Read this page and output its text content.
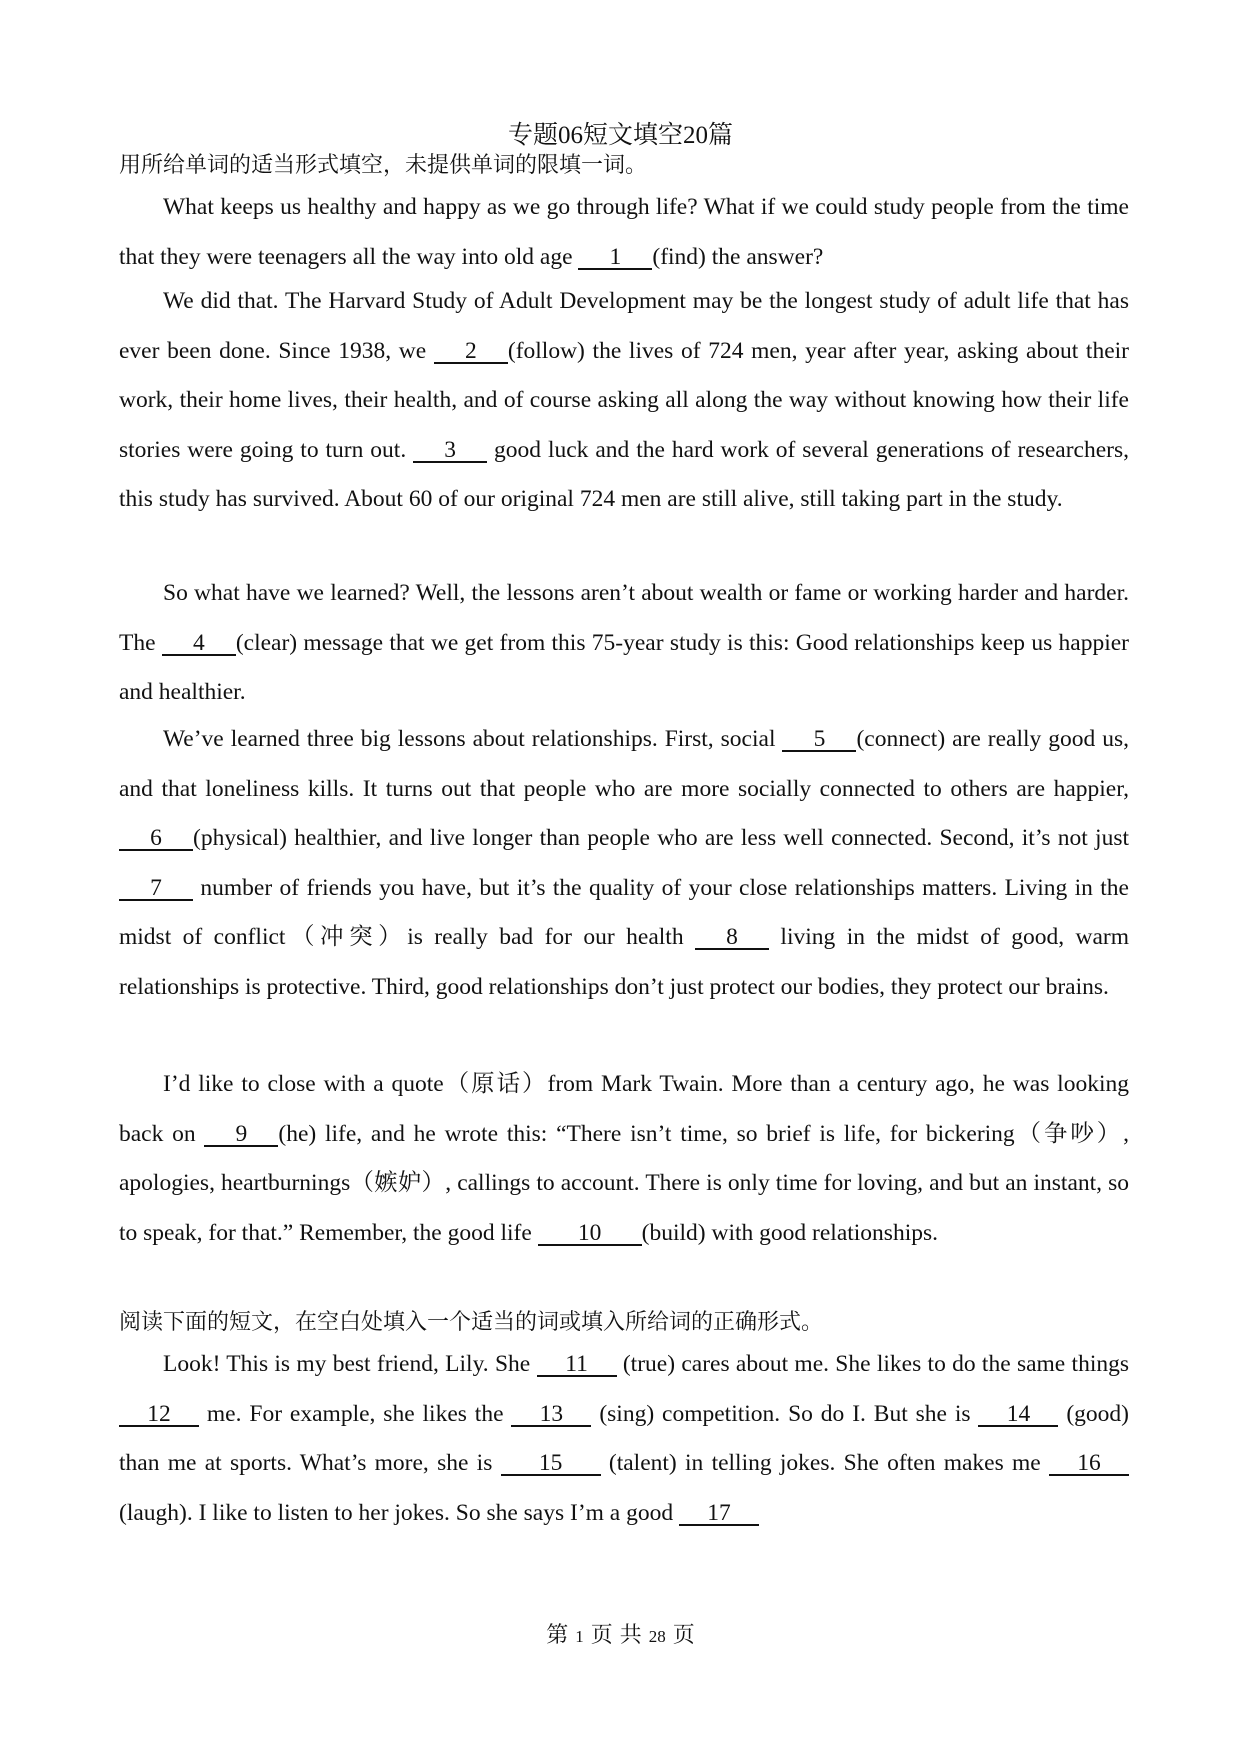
专题06短文填空20篇
用所给单词的适当形式填空，未提供单词的限填一词。

What keeps us healthy and happy as we go through life? What if we could study people from the time that they were teenagers all the way into old age 1 (find) the answer?

We did that. The Harvard Study of Adult Development may be the longest study of adult life that has ever been done. Since 1938, we 2 (follow) the lives of 724 men, year after year, asking about their work, their home lives, their health, and of course asking all along the way without knowing how their life stories were going to turn out. 3 good luck and the hard work of several generations of researchers, this study has survived. About 60 of our original 724 men are still alive, still taking part in the study.

So what have we learned? Well, the lessons aren’t about wealth or fame or working harder and harder. The 4 (clear) message that we get from this 75-year study is this: Good relationships keep us happier and healthier.

We’ve learned three big lessons about relationships. First, social 5 (connect) are really good us, and that loneliness kills. It turns out that people who are more socially connected to others are happier, 6 (physical) healthier, and live longer than people who are less well connected. Second, it’s not just 7 number of friends you have, but it’s the quality of your close relationships matters. Living in the midst of conflict（冲突）is really bad for our health 8 living in the midst of good, warm relationships is protective. Third, good relationships don’t just protect our bodies, they protect our brains.

I’d like to close with a quote（原话）from Mark Twain. More than a century ago, he was looking back on 9 (he) life, and he wrote this: “There isn’t time, so brief is life, for bickering（争吵）, apologies, heartburnings（嫉妒）, callings to account. There is only time for loving, and but an instant, so to speak, for that.” Remember, the good life 10 (build) with good relationships.

阅读下面的短文，在空白处填入一个适当的词或填入所给词的正确形式。

Look! This is my best friend, Lily. She 11 (true) cares about me. She likes to do the same things 12 me. For example, she likes the 13 (sing) competition. So do I. But she is 14 (good) than me at sports. What’s more, she is 15 (talent) in telling jokes. She often makes me 16 (laugh). I like to listen to her jokes. So she says I’m a good 17

第 1 页 共 28 页
